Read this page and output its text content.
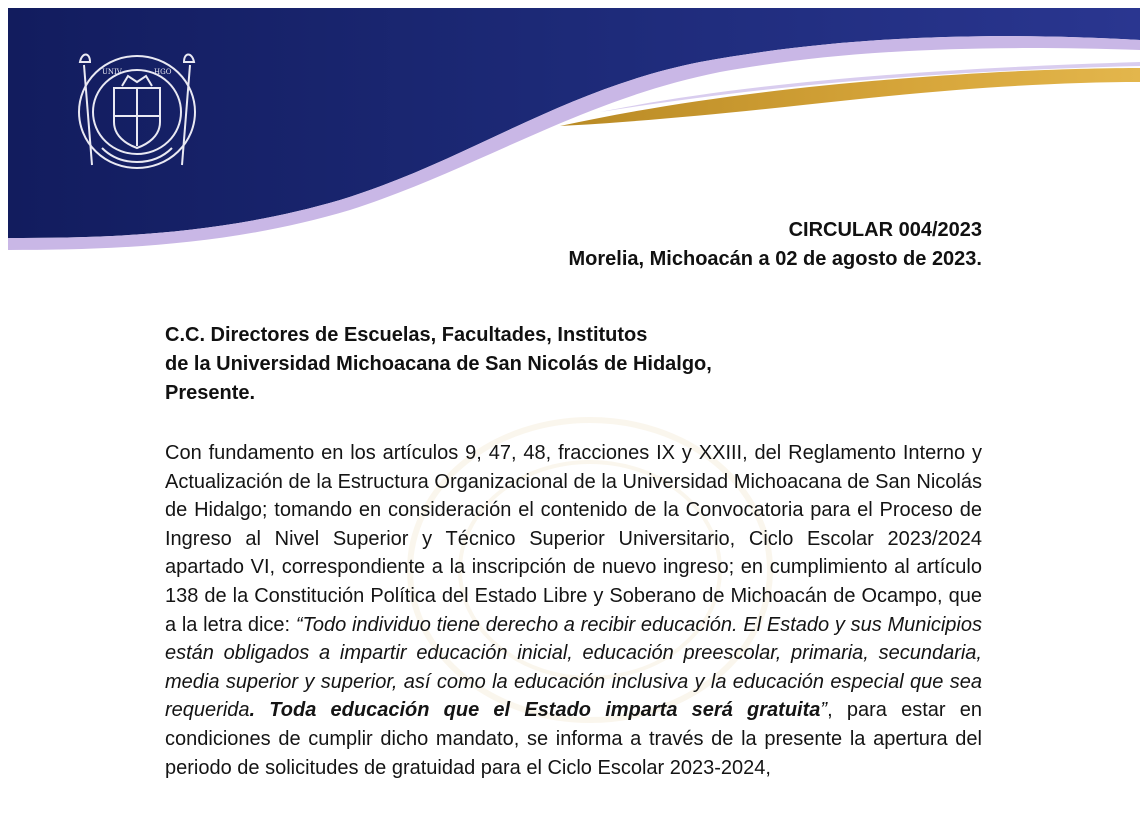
UNIV	HGO
CIRCULAR 004/2023
Morelia, Michoacán a 02 de agosto de 2023.
C.C. Directores de Escuelas, Facultades, Institutos
de la Universidad Michoacana de San Nicolás de Hidalgo,
Presente.
Con fundamento en los artículos 9, 47, 48, fracciones IX y XXIII, del Reglamento Interno y Actualización de la Estructura Organizacional de la Universidad Michoacana de San Nicolás de Hidalgo; tomando en consideración el contenido de la Convocatoria para el Proceso de Ingreso al Nivel Superior y Técnico Superior Universitario, Ciclo Escolar 2023/2024 apartado VI, correspondiente a la inscripción de nuevo ingreso; en cumplimiento al artículo 138 de la Constitución Política del Estado Libre y Soberano de Michoacán de Ocampo, que a la letra dice: “Todo individuo tiene derecho a recibir educación. El Estado y sus Municipios están obligados a impartir educación inicial, educación preescolar, primaria, secundaria, media superior y superior, así como la educación inclusiva y la educación especial que sea requerida. Toda educación que el Estado imparta será gratuita”, para estar en condiciones de cumplir dicho mandato, se informa a través de la presente la apertura del periodo de solicitudes de gratuidad para el Ciclo Escolar 2023-2024,
